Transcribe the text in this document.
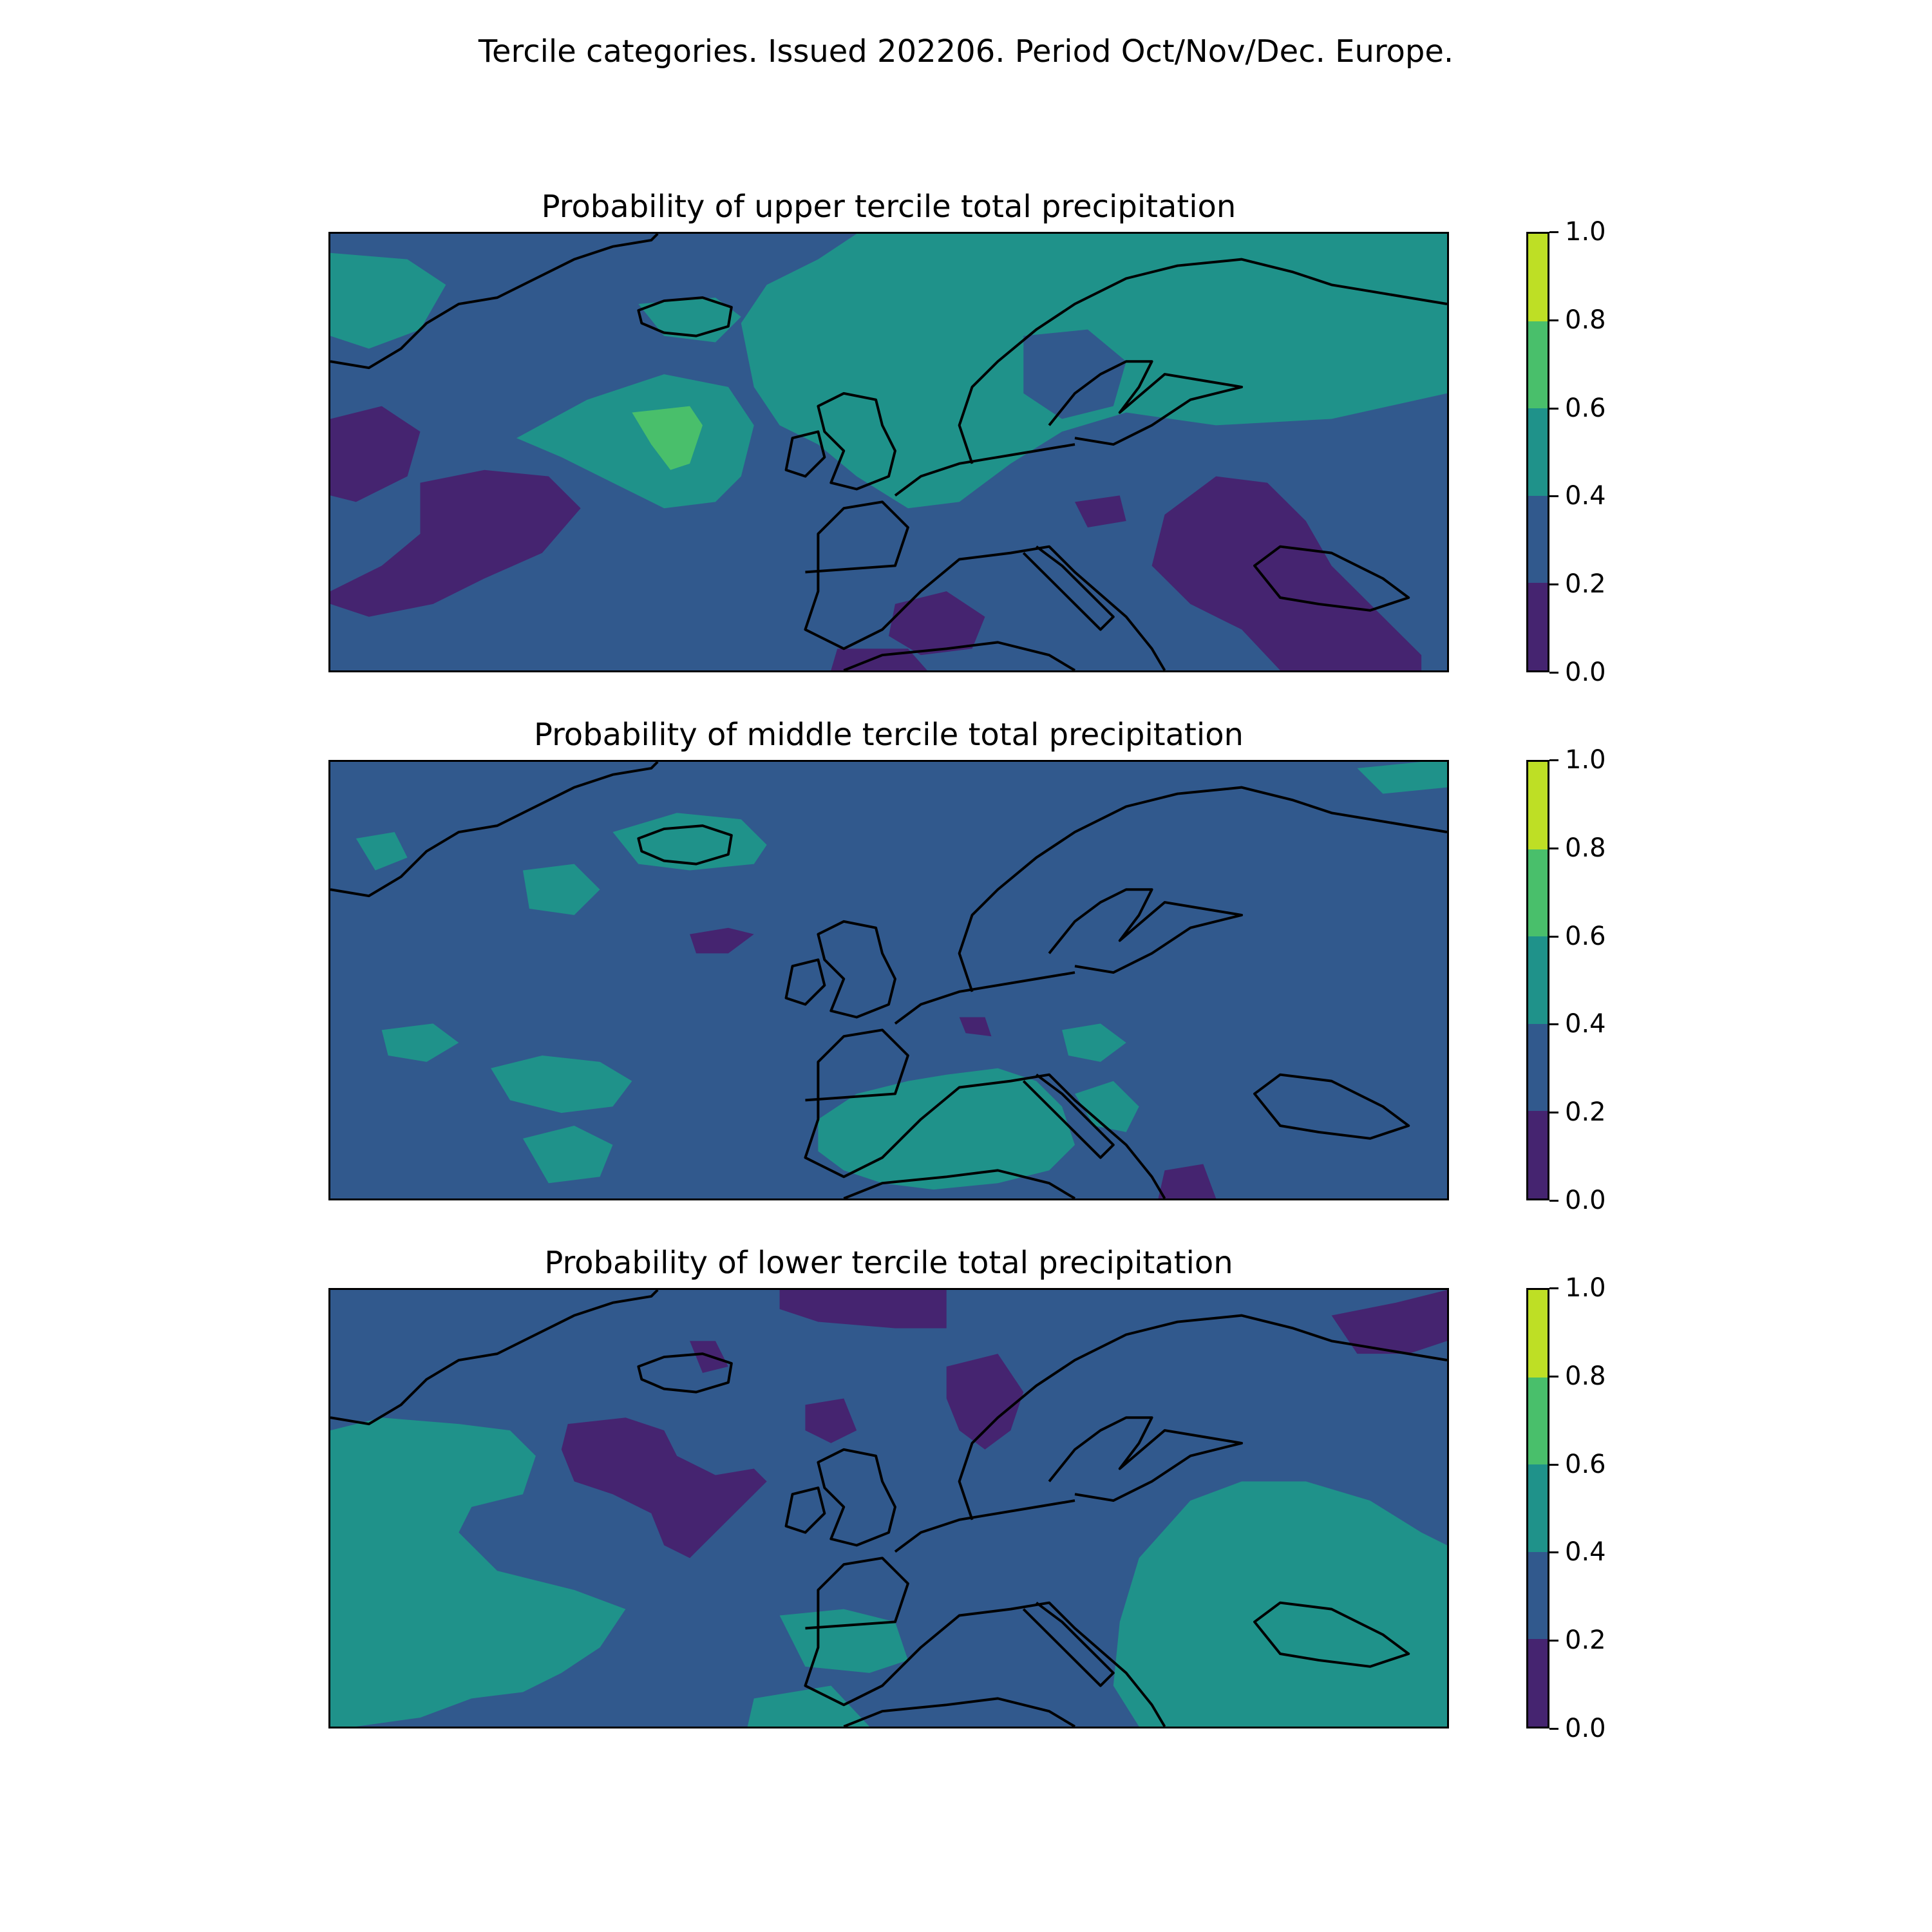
Tercile categories. Issued 202206. Period Oct/Nov/Dec. Europe.
Probability of upper tercile total precipitation
0.0
0.2
0.4
0.6
0.8
1.0
Probability of middle tercile total precipitation
0.0
0.2
0.4
0.6
0.8
1.0
Probability of lower tercile total precipitation
0.0
0.2
0.4
0.6
0.8
1.0
